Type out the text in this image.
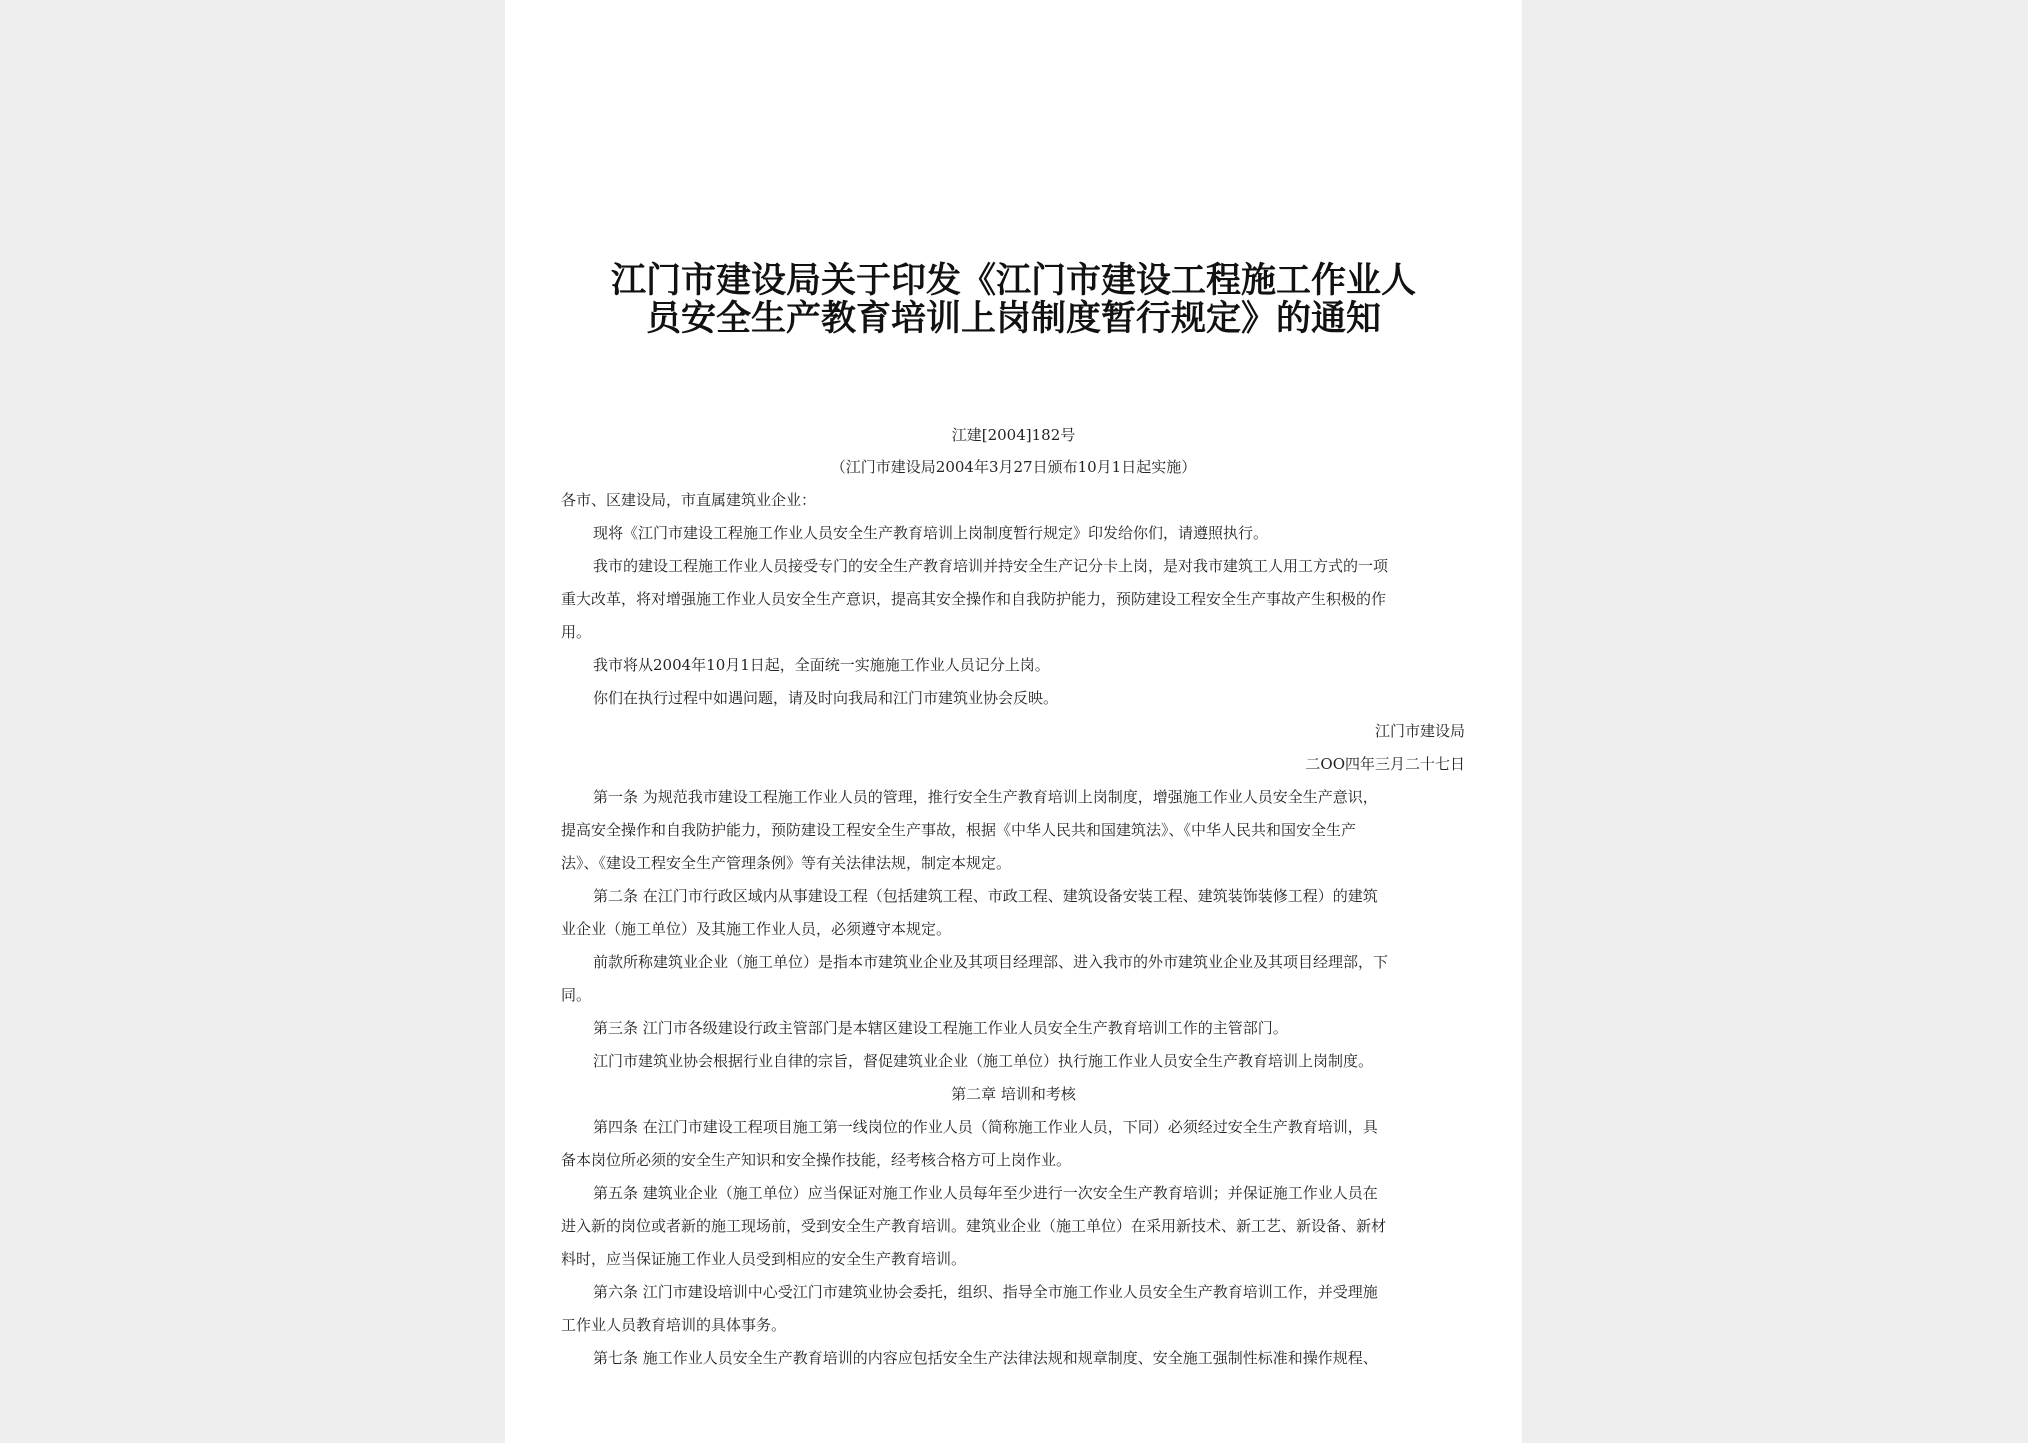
江门市建设局关于印发《江门市建设工程施工作业人
员安全生产教育培训上岗制度暂行规定》的通知
江建[2004]182号
（江门市建设局2004年3月27日颁布10月1日起实施）
各市、区建设局，市直属建筑业企业：
现将《江门市建设工程施工作业人员安全生产教育培训上岗制度暂行规定》印发给你们，请遵照执行。
我市的建设工程施工作业人员接受专门的安全生产教育培训并持安全生产记分卡上岗，是对我市建筑工人用工方式的一项
重大改革，将对增强施工作业人员安全生产意识，提高其安全操作和自我防护能力，预防建设工程安全生产事故产生积极的作
用。
我市将从2004年10月1日起，全面统一实施施工作业人员记分上岗。
你们在执行过程中如遇问题，请及时向我局和江门市建筑业协会反映。
江门市建设局
二OO四年三月二十七日
第一条 为规范我市建设工程施工作业人员的管理，推行安全生产教育培训上岗制度，增强施工作业人员安全生产意识，
提高安全操作和自我防护能力，预防建设工程安全生产事故，根据《中华人民共和国建筑法》、《中华人民共和国安全生产
法》、《建设工程安全生产管理条例》等有关法律法规，制定本规定。
第二条 在江门市行政区域内从事建设工程（包括建筑工程、市政工程、建筑设备安装工程、建筑装饰装修工程）的建筑
业企业（施工单位）及其施工作业人员，必须遵守本规定。
前款所称建筑业企业（施工单位）是指本市建筑业企业及其项目经理部、进入我市的外市建筑业企业及其项目经理部，下
同。
第三条 江门市各级建设行政主管部门是本辖区建设工程施工作业人员安全生产教育培训工作的主管部门。
江门市建筑业协会根据行业自律的宗旨，督促建筑业企业（施工单位）执行施工作业人员安全生产教育培训上岗制度。
第二章 培训和考核
第四条 在江门市建设工程项目施工第一线岗位的作业人员（简称施工作业人员，下同）必须经过安全生产教育培训，具
备本岗位所必须的安全生产知识和安全操作技能，经考核合格方可上岗作业。
第五条 建筑业企业（施工单位）应当保证对施工作业人员每年至少进行一次安全生产教育培训；并保证施工作业人员在
进入新的岗位或者新的施工现场前，受到安全生产教育培训。建筑业企业（施工单位）在采用新技术、新工艺、新设备、新材
料时，应当保证施工作业人员受到相应的安全生产教育培训。
第六条 江门市建设培训中心受江门市建筑业协会委托，组织、指导全市施工作业人员安全生产教育培训工作，并受理施
工作业人员教育培训的具体事务。
第七条 施工作业人员安全生产教育培训的内容应包括安全生产法律法规和规章制度、安全施工强制性标准和操作规程、
